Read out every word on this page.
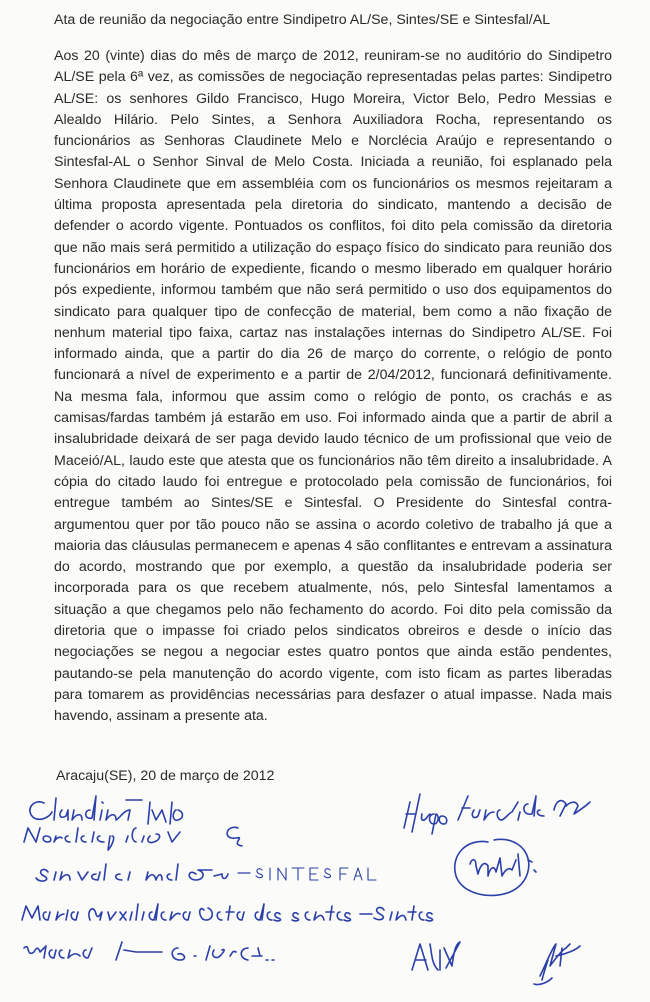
Ata de reunião da negociação entre Sindipetro AL/Se, Sintes/SE e Sintesfal/AL

Aos 20 (vinte) dias do mês de março de 2012, reuniram-se no auditório do Sindipetro AL/SE pela 6ª vez, as comissões de negociação representadas pelas partes: Sindipetro AL/SE: os senhores Gildo Francisco, Hugo Moreira, Victor Belo, Pedro Messias e Alealdo Hilário. Pelo Sintes, a Senhora Auxiliadora Rocha, representando os funcionários as Senhoras Claudinete Melo e Norclécia Araújo e representando o Sintesfal-AL o Senhor Sinval de Melo Costa. Iniciada a reunião, foi esplanado pela Senhora Claudinete que em assembléia com os funcionários os mesmos rejeitaram a última proposta apresentada pela diretoria do sindicato, mantendo a decisão de defender o acordo vigente. Pontuados os conflitos, foi dito pela comissão da diretoria que não mais será permitido a utilização do espaço físico do sindicato para reunião dos funcionários em horário de expediente, ficando o mesmo liberado em qualquer horário pós expediente, informou também que não será permitido o uso dos equipamentos do sindicato para qualquer tipo de confecção de material, bem como a não fixação de nenhum material tipo faixa, cartaz nas instalações internas do Sindipetro AL/SE. Foi informado ainda, que a partir do dia 26 de março do corrente, o relógio de ponto funcionará a nível de experimento e a partir de 2/04/2012, funcionará definitivamente. Na mesma fala, informou que assim como o relógio de ponto, os crachás e as camisas/fardas também já estarão em uso. Foi informado ainda que a partir de abril a insalubridade deixará de ser paga devido laudo técnico de um profissional que veio de Maceió/AL, laudo este que atesta que os funcionários não têm direito a insalubridade. A cópia do citado laudo foi entregue e protocolado pela comissão de funcionários, foi entregue também ao Sintes/SE e Sintesfal. O Presidente do Sintesfal contra-argumentou quer por tão pouco não se assina o acordo coletivo de trabalho já que a maioria das cláusulas permanecem e apenas 4 são conflitantes e entrevam a assinatura do acordo, mostrando que por exemplo, a questão da insalubridade poderia ser incorporada para os que recebem atualmente, nós, pelo Sintesfal lamentamos a situação a que chegamos pelo não fechamento do acordo. Foi dito pela comissão da diretoria que o impasse foi criado pelos sindicatos obreiros e desde o início das negociações se negou a negociar estes quatro pontos que ainda estão pendentes, pautando-se pela manutenção do acordo vigente, com isto ficam as partes liberadas para tomarem as providências necessárias para desfazer o atual impasse. Nada mais havendo, assinam a presente ata.

Aracaju(SE), 20 de março de 2012
